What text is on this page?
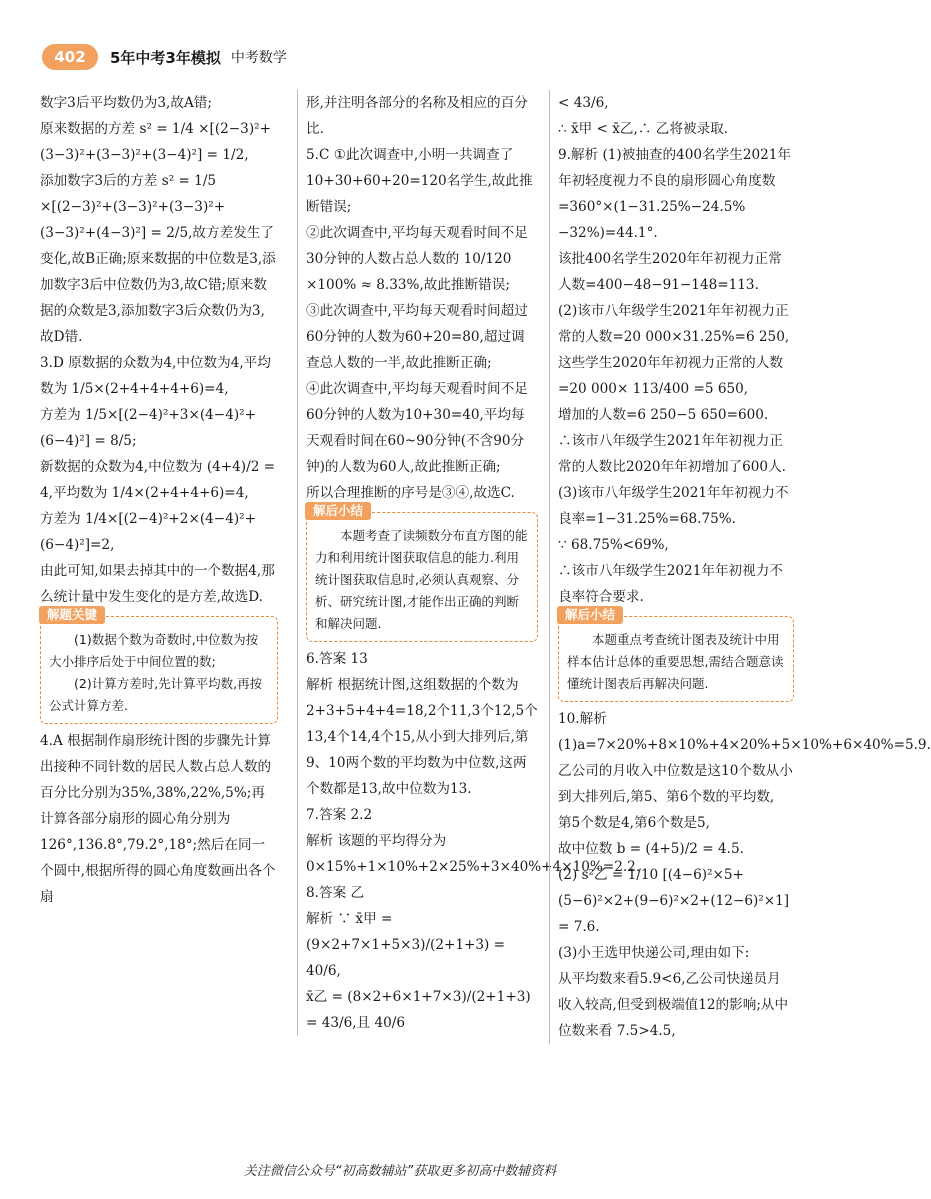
402	5年中考3年模拟 中考数学

数字3后平均数仍为3,故A错;

原来数据的方差 s² = 1/4 ×[(2−3)²+(3−3)²+(3−3)²+(3−4)²] = 1/2,

添加数字3后的方差 s² = 1/5 ×[(2−3)²+(3−3)²+(3−3)²+(3−3)²+(4−3)²] = 2/5,故方差发生了变化,故B正确;原来数据的中位数是3,添加数字3后中位数仍为3,故C错;原来数据的众数是3,添加数字3后众数仍为3,故D错.

3.D 原数据的众数为4,中位数为4,平均数为 1/5×(2+4+4+4+6)=4,

方差为 1/5×[(2−4)²+3×(4−4)²+(6−4)²] = 8/5;

新数据的众数为4,中位数为 (4+4)/2 = 4,平均数为 1/4×(2+4+4+6)=4,

方差为 1/4×[(2−4)²+2×(4−4)²+(6−4)²]=2,

由此可知,如果去掉其中的一个数据4,那么统计量中发生变化的是方差,故选D.

解题关键

(1)数据个数为奇数时,中位数为按大小排序后处于中间位置的数;

(2)计算方差时,先计算平均数,再按公式计算方差.

4.A 根据制作扇形统计图的步骤先计算出接种不同针数的居民人数占总人数的百分比分别为35%,38%,22%,5%;再计算各部分扇形的圆心角分别为126°,136.8°,79.2°,18°;然后在同一个圆中,根据所得的圆心角度数画出各个扇

形,并注明各部分的名称及相应的百分比.

5.C ①此次调查中,小明一共调查了10+30+60+20=120名学生,故此推断错误;

②此次调查中,平均每天观看时间不足30分钟的人数占总人数的 10/120 ×100% ≈ 8.33%,故此推断错误;

③此次调查中,平均每天观看时间超过60分钟的人数为60+20=80,超过调查总人数的一半,故此推断正确;

④此次调查中,平均每天观看时间不足60分钟的人数为10+30=40,平均每天观看时间在60~90分钟(不含90分钟)的人数为60人,故此推断正确;

所以合理推断的序号是③④,故选C.

解后小结

本题考查了读频数分布直方图的能力和利用统计图获取信息的能力.利用统计图获取信息时,必须认真观察、分析、研究统计图,才能作出正确的判断和解决问题.

6.答案 13

解析 根据统计图,这组数据的个数为2+3+5+4+4=18,2个11,3个12,5个13,4个14,4个15,从小到大排列后,第9、10两个数的平均数为中位数,这两个数都是13,故中位数为13.

7.答案 2.2

解析 该题的平均得分为0×15%+1×10%+2×25%+3×40%+4×10%=2.2.

8.答案 乙

解析 ∵ x̄甲 = (9×2+7×1+5×3)/(2+1+3) = 40/6,

x̄乙 = (8×2+6×1+7×3)/(2+1+3) = 43/6,且 40/6

< 43/6,

∴ x̄甲 < x̄乙,∴ 乙将被录取.

9.解析 (1)被抽查的400名学生2021年年初轻度视力不良的扇形圆心角度数=360°×(1−31.25%−24.5%−32%)=44.1°.

该批400名学生2020年年初视力正常人数=400−48−91−148=113.

(2)该市八年级学生2021年年初视力正常的人数=20 000×31.25%=6 250,

这些学生2020年年初视力正常的人数=20 000× 113/400 =5 650,

增加的人数=6 250−5 650=600.

∴该市八年级学生2021年年初视力正常的人数比2020年年初增加了600人.

(3)该市八年级学生2021年年初视力不良率=1−31.25%=68.75%.

∵ 68.75%<69%,

∴该市八年级学生2021年年初视力不良率符合要求.

解后小结

本题重点考查统计图表及统计中用样本估计总体的重要思想,需结合题意读懂统计图表后再解决问题.

10.解析 (1)a=7×20%+8×10%+4×20%+5×10%+6×40%=5.9.

乙公司的月收入中位数是这10个数从小到大排列后,第5、第6个数的平均数,

第5个数是4,第6个数是5,

故中位数 b = (4+5)/2 = 4.5.

(2) s²乙 = 1/10 [(4−6)²×5+(5−6)²×2+(9−6)²×2+(12−6)²×1] = 7.6.

(3)小王选甲快递公司,理由如下:

从平均数来看5.9<6,乙公司快递员月收入较高,但受到极端值12的影响;从中位数来看 7.5>4.5,

关注微信公众号“初高数辅站”获取更多初高中数辅资料
